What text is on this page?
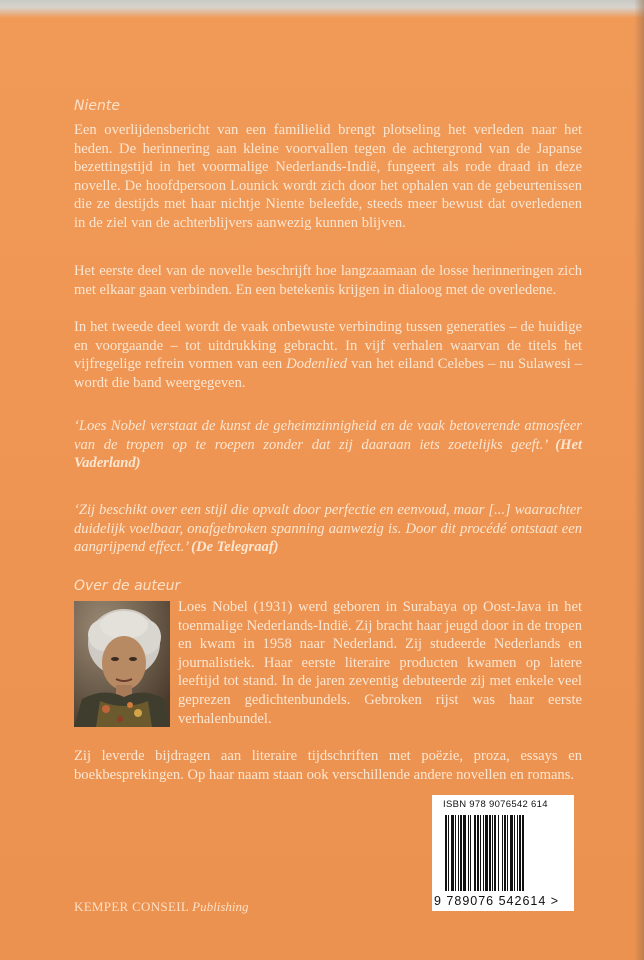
Niente

Een overlijdensbericht van een familielid brengt plotseling het verleden naar het heden. De herinnering aan kleine voorvallen tegen de achtergrond van de Japanse bezettingstijd in het voormalige Nederlands-Indië, fungeert als rode draad in deze novelle. De hoofdpersoon Lounick wordt zich door het ophalen van de gebeurtenissen die ze destijds met haar nichtje Niente beleefde, steeds meer bewust dat overledenen in de ziel van de achterblijvers aanwezig kunnen blijven.

Het eerste deel van de novelle beschrijft hoe langzaamaan de losse herinneringen zich met elkaar gaan verbinden. En een betekenis krijgen in dialoog met de overledene.

In het tweede deel wordt de vaak onbewuste verbinding tussen generaties – de huidige en voorgaande – tot uitdrukking gebracht. In vijf verhalen waarvan de titels het vijfregelige refrein vormen van een Dodenlied van het eiland Celebes – nu Sulawesi – wordt die band weergegeven.

‘Loes Nobel verstaat de kunst de geheimzinnigheid en de vaak betoverende atmosfeer van de tropen op te roepen zonder dat zij daaraan iets zoetelijks geeft.’ (Het Vaderland)

‘Zij beschikt over een stijl die opvalt door perfectie en eenvoud, maar [...] waarachter duidelijk voelbaar, onafgebroken spanning aanwezig is. Door dit procédé ontstaat een aangrijpend effect.’ (De Telegraaf)

Over de auteur

Loes Nobel (1931) werd geboren in Surabaya op Oost-Java in het toenmalige Nederlands-Indië. Zij bracht haar jeugd door in de tropen en kwam in 1958 naar Nederland. Zij studeerde Nederlands en journalistiek. Haar eerste literaire producten kwamen op latere leeftijd tot stand. In de jaren zeventig debuteerde zij met enkele veel geprezen gedichtenbundels. Gebroken rijst was haar eerste verhalenbundel.

Zij leverde bijdragen aan literaire tijdschriften met poëzie, proza, essays en boekbesprekingen. Op haar naam staan ook verschillende andere novellen en romans.

ISBN 978 9076542 614
9 789076 542614 >
KEMPER CONSEIL Publishing
